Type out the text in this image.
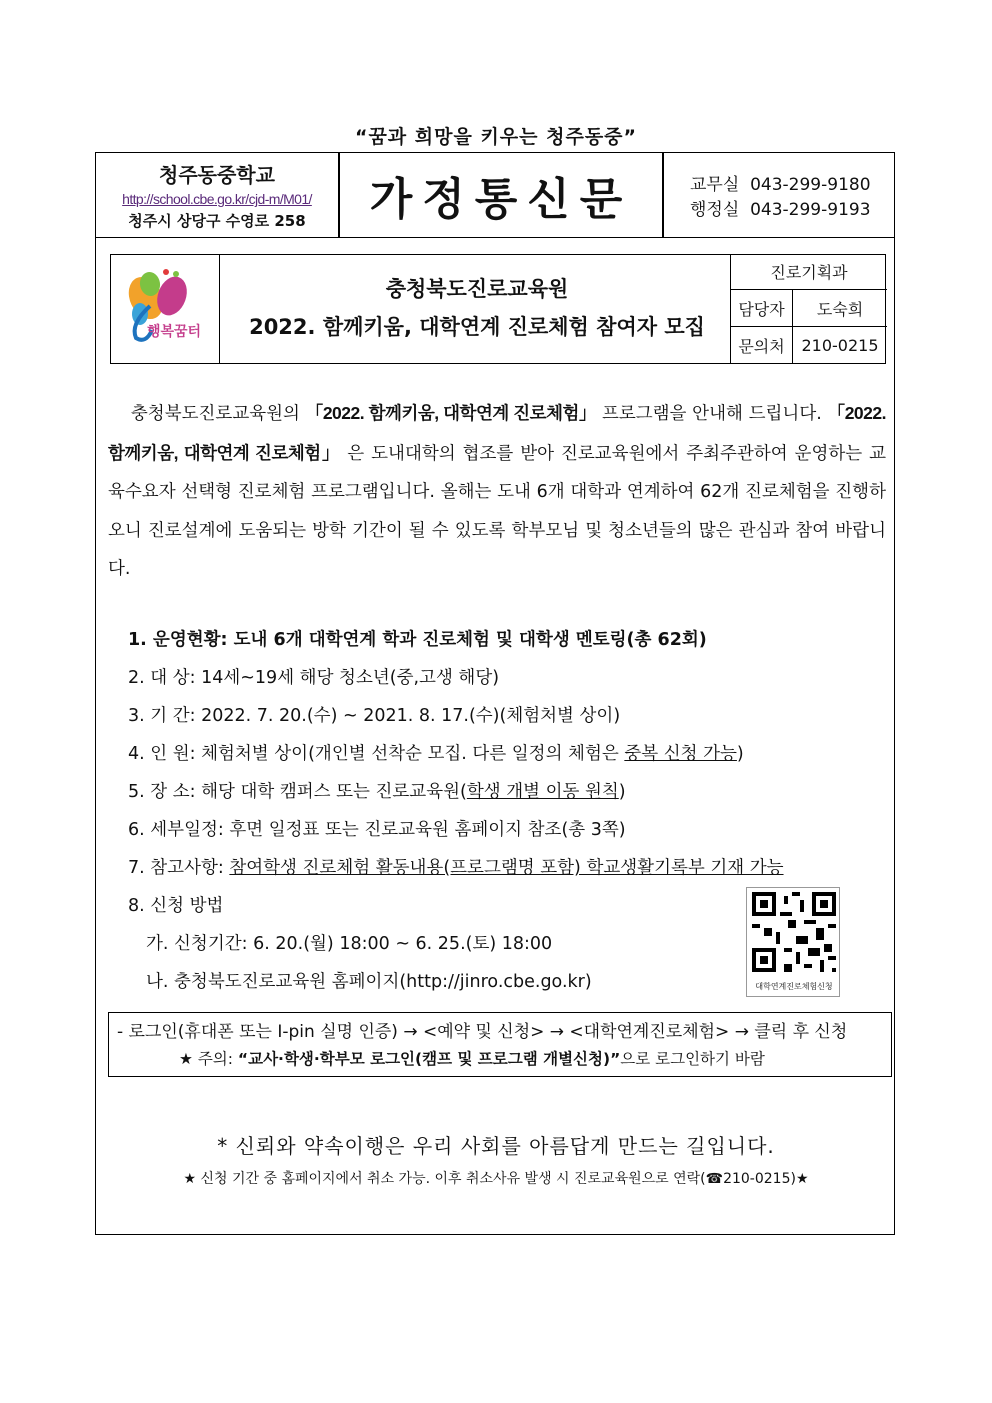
“꿈과 희망을 키우는 청주동중”
청주동중학교
http://school.cbe.go.kr/cjd-m/M01/
청주시 상당구 수영로 258	가정통신문	교무실 043-299-9180
행정실 043-299-9193
행복꿈터
충청북도진로교육원
2022. 함께키움, 대학연계 진로체험 참여자 모집
진로기획과
담당자	도숙희
문의처	210-0215
충청북도진로교육원의 「2022. 함께키움, 대학연계 진로체험」 프로그램을 안내해 드립니다. 「2022. 함께키움, 대학연계 진로체험」 은 도내대학의 협조를 받아 진로교육원에서 주최주관하여 운영하는 교육수요자 선택형 진로체험 프로그램입니다. 올해는 도내 6개 대학과 연계하여 62개 진로체험을 진행하오니 진로설계에 도움되는 방학 기간이 될 수 있도록 학부모님 및 청소년들의 많은 관심과 참여 바랍니다.
1. 운영현황: 도내 6개 대학연계 학과 진로체험 및 대학생 멘토링(총 62회)
2. 대 상: 14세~19세 해당 청소년(중,고생 해당)
3. 기 간: 2022. 7. 20.(수) ~ 2021. 8. 17.(수)(체험처별 상이)
4. 인 원: 체험처별 상이(개인별 선착순 모집. 다른 일정의 체험은 중복 신청 가능)
5. 장 소: 해당 대학 캠퍼스 또는 진로교육원(학생 개별 이동 원칙)
6. 세부일정: 후면 일정표 또는 진로교육원 홈페이지 참조(총 3쪽)
7. 참고사항: 참여학생 진로체험 활동내용(프로그램명 포함) 학교생활기록부 기재 가능
8. 신청 방법
가. 신청기간: 6. 20.(월) 18:00 ~ 6. 25.(토) 18:00
나. 충청북도진로교육원 홈페이지(http://jinro.cbe.go.kr)	대학연계진로체험신청
- 로그인(휴대폰 또는 I-pin 실명 인증) → <예약 및 신청> → <대학연계진로체험> → 클릭 후 신청
★ 주의: “교사·학생·학부모 로그인(캠프 및 프로그램 개별신청)”으로 로그인하기 바람
* 신뢰와 약속이행은 우리 사회를 아름답게 만드는 길입니다.
★ 신청 기간 중 홈페이지에서 취소 가능. 이후 취소사유 발생 시 진로교육원으로 연락(☎210-0215)★
